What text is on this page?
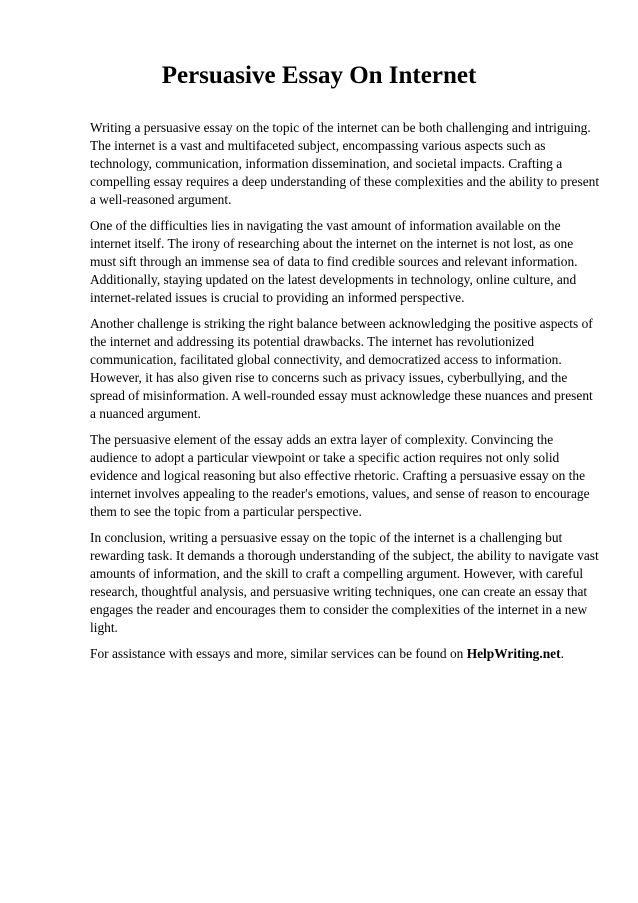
Persuasive Essay On Internet

Writing a persuasive essay on the topic of the internet can be both challenging and intriguing. The internet is a vast and multifaceted subject, encompassing various aspects such as technology, communication, information dissemination, and societal impacts. Crafting a compelling essay requires a deep understanding of these complexities and the ability to present a well-reasoned argument.

One of the difficulties lies in navigating the vast amount of information available on the internet itself. The irony of researching about the internet on the internet is not lost, as one must sift through an immense sea of data to find credible sources and relevant information. Additionally, staying updated on the latest developments in technology, online culture, and internet-related issues is crucial to providing an informed perspective.

Another challenge is striking the right balance between acknowledging the positive aspects of the internet and addressing its potential drawbacks. The internet has revolutionized communication, facilitated global connectivity, and democratized access to information. However, it has also given rise to concerns such as privacy issues, cyberbullying, and the spread of misinformation. A well-rounded essay must acknowledge these nuances and present a nuanced argument.

The persuasive element of the essay adds an extra layer of complexity. Convincing the audience to adopt a particular viewpoint or take a specific action requires not only solid evidence and logical reasoning but also effective rhetoric. Crafting a persuasive essay on the internet involves appealing to the reader's emotions, values, and sense of reason to encourage them to see the topic from a particular perspective.

In conclusion, writing a persuasive essay on the topic of the internet is a challenging but rewarding task. It demands a thorough understanding of the subject, the ability to navigate vast amounts of information, and the skill to craft a compelling argument. However, with careful research, thoughtful analysis, and persuasive writing techniques, one can create an essay that engages the reader and encourages them to consider the complexities of the internet in a new light.

For assistance with essays and more, similar services can be found on HelpWriting.net.
